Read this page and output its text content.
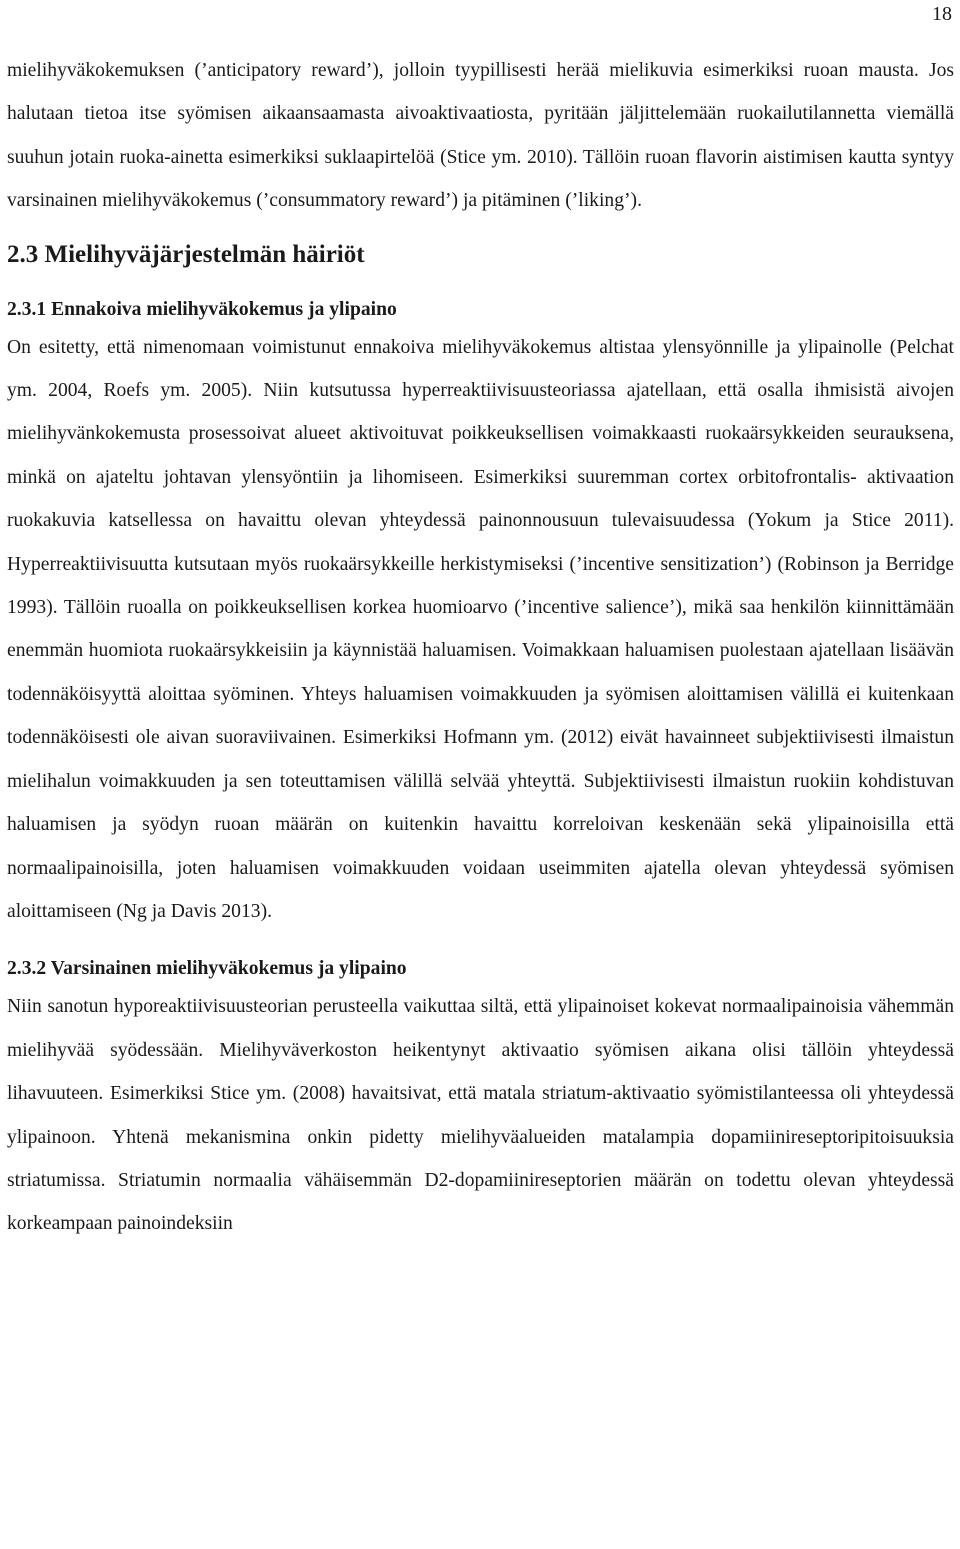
18

mielihyväkokemuksen (’anticipatory reward’), jolloin tyypillisesti herää mielikuvia esimerkiksi ruoan mausta. Jos halutaan tietoa itse syömisen aikaansaamasta aivoaktivaatiosta, pyritään jäljittelemään ruokailutilannetta viemällä suuhun jotain ruoka-ainetta esimerkiksi suklaapirtelöä (Stice ym. 2010). Tällöin ruoan flavorin aistimisen kautta syntyy varsinainen mielihyväkokemus (’consummatory reward’) ja pitäminen (’liking’).

2.3 Mielihyväjärjestelmän häiriöt
2.3.1 Ennakoiva mielihyväkokemus ja ylipaino

On esitetty, että nimenomaan voimistunut ennakoiva mielihyväkokemus altistaa ylensyönnille ja ylipainolle (Pelchat ym. 2004, Roefs ym. 2005). Niin kutsutussa hyperreaktiivisuusteoriassa ajatellaan, että osalla ihmisistä aivojen mielihyvänkokemusta prosessoivat alueet aktivoituvat poikkeuksellisen voimakkaasti ruokaärsykkeiden seurauksena, minkä on ajateltu johtavan ylensyöntiin ja lihomiseen. Esimerkiksi suuremman cortex orbitofrontalis- aktivaation ruokakuvia katsellessa on havaittu olevan yhteydessä painonnousuun tulevaisuudessa (Yokum ja Stice 2011). Hyperreaktiivisuutta kutsutaan myös ruokaärsykkeille herkistymiseksi (’incentive sensitization’) (Robinson ja Berridge 1993). Tällöin ruoalla on poikkeuksellisen korkea huomioarvo (’incentive salience’), mikä saa henkilön kiinnittämään enemmän huomiota ruokaärsykkeisiin ja käynnistää haluamisen. Voimakkaan haluamisen puolestaan ajatellaan lisäävän todennäköisyyttä aloittaa syöminen. Yhteys haluamisen voimakkuuden ja syömisen aloittamisen välillä ei kuitenkaan todennäköisesti ole aivan suoraviivainen. Esimerkiksi Hofmann ym. (2012) eivät havainneet subjektiivisesti ilmaistun mielihalun voimakkuuden ja sen toteuttamisen välillä selvää yhteyttä. Subjektiivisesti ilmaistun ruokiin kohdistuvan haluamisen ja syödyn ruoan määrän on kuitenkin havaittu korreloivan keskenään sekä ylipainoisilla että normaalipainoisilla, joten haluamisen voimakkuuden voidaan useimmiten ajatella olevan yhteydessä syömisen aloittamiseen (Ng ja Davis 2013).

2.3.2 Varsinainen mielihyväkokemus ja ylipaino

Niin sanotun hyporeaktiivisuusteorian perusteella vaikuttaa siltä, että ylipainoiset kokevat normaalipainoisia vähemmän mielihyvää syödessään. Mielihyväverkoston heikentynyt aktivaatio syömisen aikana olisi tällöin yhteydessä lihavuuteen. Esimerkiksi Stice ym. (2008) havaitsivat, että matala striatum-aktivaatio syömistilanteessa oli yhteydessä ylipainoon. Yhtenä mekanismina onkin pidetty mielihyväalueiden matalampia dopamiinireseptoripitoisuuksia striatumissa. Striatumin normaalia vähäisemmän D2-dopamiinireseptorien määrän on todettu olevan yhteydessä korkeampaan painoindeksiin
